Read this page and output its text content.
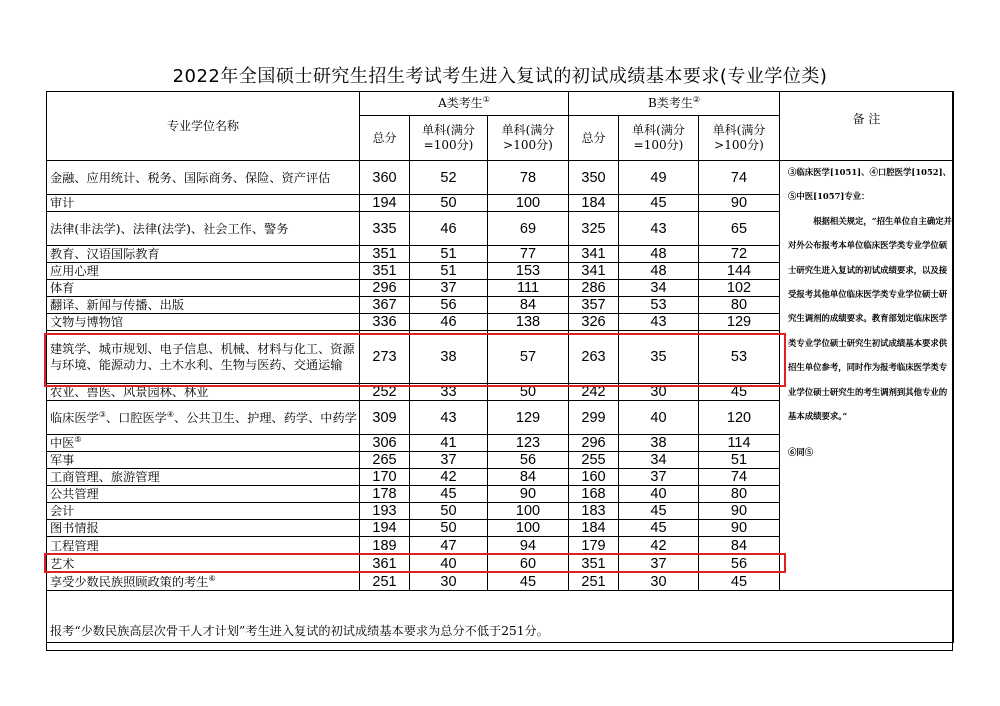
2022年全国硕士研究生招生考试考生进入复试的初试成绩基本要求(专业学位类)
专业学位名称	A类考生①			B类考生②			备 注
	总分	单科(满分=100分)	单科(满分>100分)	总分	单科(满分=100分)	单科(满分>100分)	
金融、应用统计、税务、国际商务、保险、资产评估	360	52	78	350	49	74	
审计	194	50	100	184	45	90	
法律(非法学)、法律(法学)、社会工作、警务	335	46	69	325	43	65	
教育、汉语国际教育	351	51	77	341	48	72	
应用心理	351	51	153	341	48	144	
体育	296	37	111	286	34	102	
翻译、新闻与传播、出版	367	56	84	357	53	80	
文物与博物馆	336	46	138	326	43	129	
建筑学、城市规划、电子信息、机械、材料与化工、资源与环境、能源动力、土木水利、生物与医药、交通运输	273	38	57	263	35	53	
农业、兽医、风景园林、林业	252	33	50	242	30	45	
临床医学③、口腔医学④、公共卫生、护理、药学、中药学	309	43	129	299	40	120	
中医⑤	306	41	123	296	38	114	
军事	265	37	56	255	34	51	
工商管理、旅游管理	170	42	84	160	37	74	
公共管理	178	45	90	168	40	80	
会计	193	50	100	183	45	90	
图书情报	194	50	100	184	45	90	
工程管理	189	47	94	179	42	84	
艺术	361	40	60	351	37	56	
享受少数民族照顾政策的考生⑥	251	30	45	251	30	45	

③临床医学[1051]、④口腔医学[1052]、⑤中医[1057]专业：
根据相关规定，“招生单位自主确定并对外公布报考本单位临床医学类专业学位硕士研究生进入复试的初试成绩要求，以及接受报考其他单位临床医学类专业学位硕士研究生调剂的成绩要求。教育部划定临床医学类专业学位硕士研究生初试成绩基本要求供招生单位参考，同时作为报考临床医学类专业学位硕士研究生的考生调剂到其他专业的基本成绩要求。”
⑥同⑤
报考“少数民族高层次骨干人才计划”考生进入复试的初试成绩基本要求为总分不低于251分。
